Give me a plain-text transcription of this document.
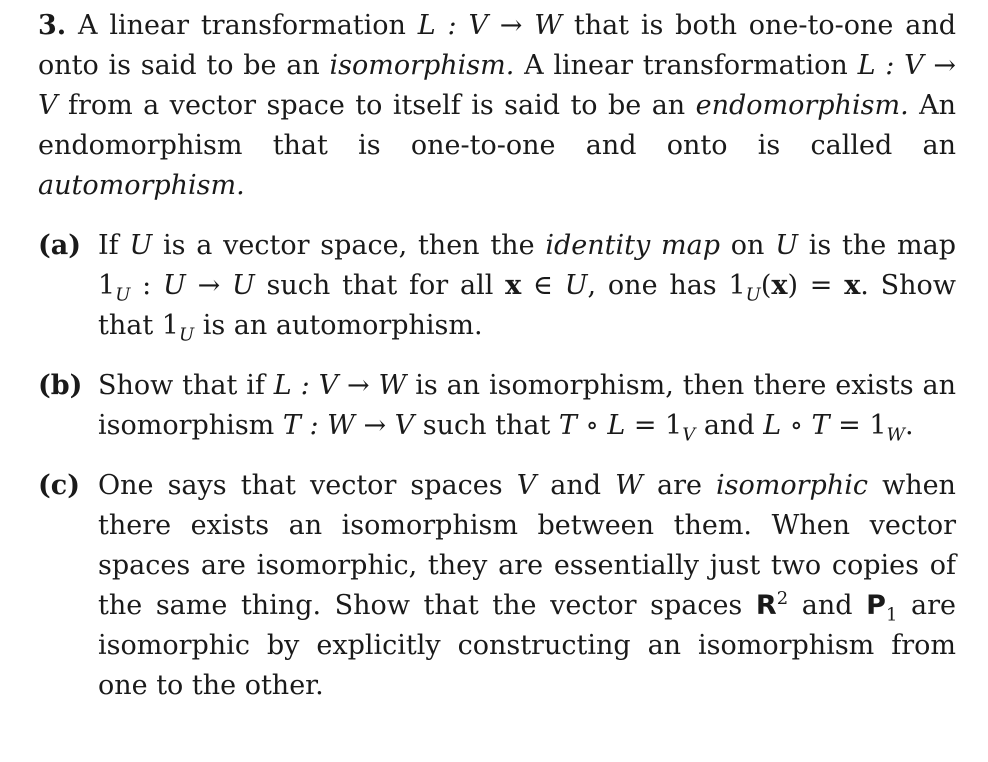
3. A linear transformation L : V → W that is both one-to-one and onto is said to be an isomorphism. A linear transformation L : V → V from a vector space to itself is said to be an endomorphism. An endomorphism that is one-to-one and onto is called an automorphism.
(a) If U is a vector space, then the identity map on U is the map $1_U$ : U → U such that for all x ∈ U, one has $1_U(x) = x$. Show that $1_U$ is an automorphism.
(b) Show that if L : V → W is an isomorphism, then there exists an isomorphism T : W → V such that T ∘ $L = 1_V$ and L ∘ $T = 1_W$.
(c) One says that vector spaces V and W are isomorphic when there exists an isomorphism between them. When vector spaces are isomorphic, they are essentially just two copies of the same thing. Show that the vector spaces $R^2$ and $P_1$ are isomorphic by explicitly constructing an isomorphism from one to the other.
